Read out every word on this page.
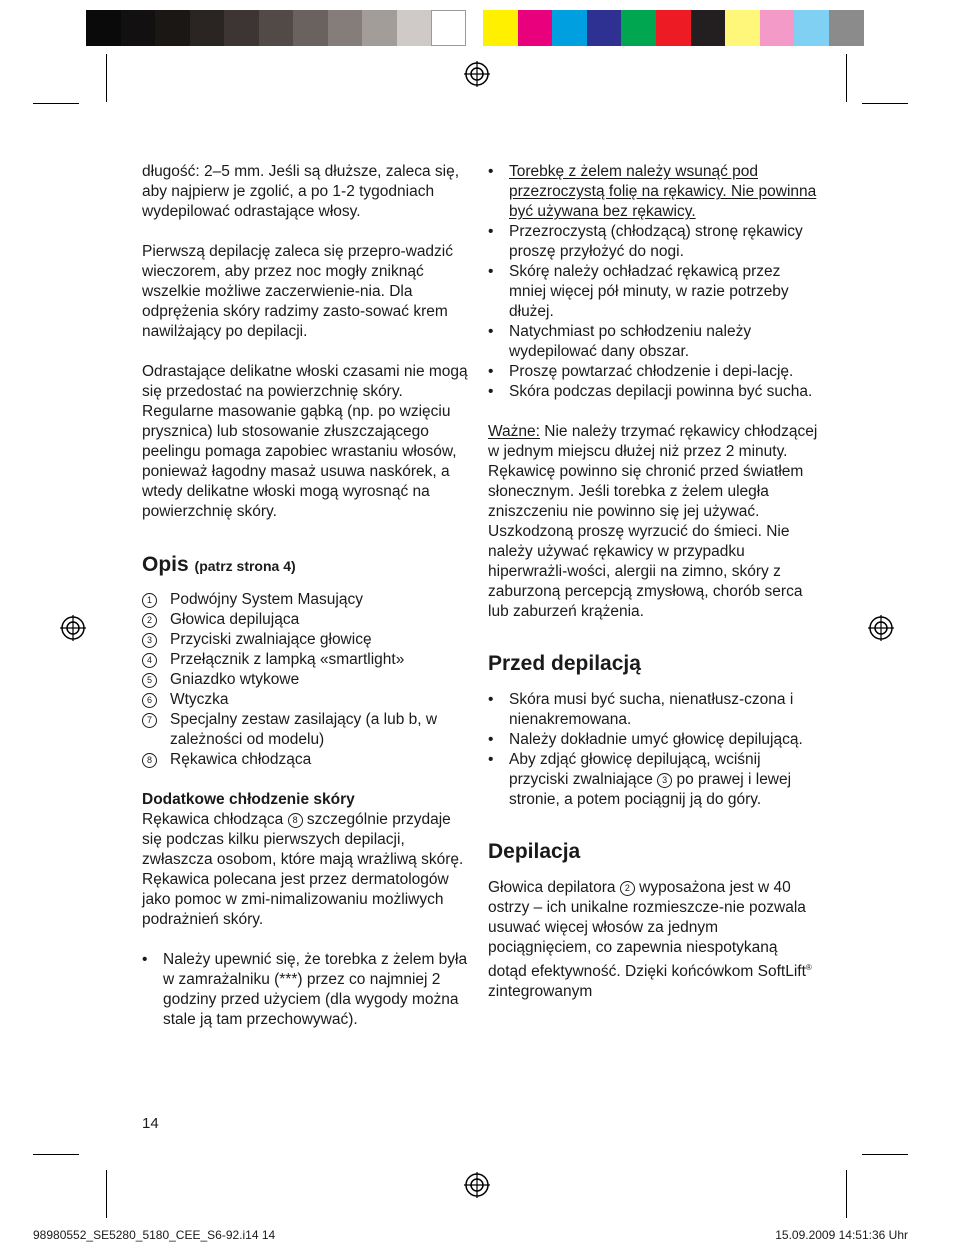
długość: 2–5 mm. Jeśli są dłuższe, zaleca się, aby najpierw je zgolić, a po 1-2 tygodniach wydepilować odrastające włosy.

Pierwszą depilację zaleca się przepro-wadzić wieczorem, aby przez noc mogły zniknąć wszelkie możliwe zaczerwienie-nia. Dla odprężenia skóry radzimy zasto-sować krem nawilżający po depilacji.

Odrastające delikatne włoski czasami nie mogą się przedostać na powierzchnię skóry. Regularne masowanie gąbką (np. po wzięciu prysznica) lub stosowanie złuszczającego peelingu pomaga zapobiec wrastaniu włosów, ponieważ łagodny masaż usuwa naskórek, a wtedy delikatne włoski mogą wyrosnąć na powierzchnię skóry.

Opis (patrz strona 4)
1	Podwójny System Masujący
2	Głowica depilująca
3	Przyciski zwalniające głowicę
4	Przełącznik z lampką «smartlight»
5	Gniazdko wtykowe
6	Wtyczka
7	Specjalny zestaw zasilający (a lub b, w zależności od modelu)
8	Rękawica chłodząca

Dodatkowe chłodzenie skóry

Rękawica chłodząca 8 szczególnie przydaje się podczas kilku pierwszych depilacji, zwłaszcza osobom, które mają wrażliwą skórę. Rękawica polecana jest przez dermatologów jako pomoc w zmi-nimalizowaniu możliwych podrażnień skóry.

• Należy upewnić się, że torebka z żelem była w zamrażalniku (***) przez co najmniej 2 godziny przed użyciem (dla wygody można stale ją tam przechowywać).
• Torebkę z żelem należy wsunąć pod przezroczystą folię na rękawicy. Nie powinna być używana bez rękawicy.
• Przezroczystą (chłodzącą) stronę rękawicy proszę przyłożyć do nogi.
• Skórę należy ochładzać rękawicą przez mniej więcej pół minuty, w razie potrzeby dłużej.
• Natychmiast po schłodzeniu należy wydepilować dany obszar.
• Proszę powtarzać chłodzenie i depi-lację.
• Skóra podczas depilacji powinna być sucha.

Ważne: Nie należy trzymać rękawicy chłodzącej w jednym miejscu dłużej niż przez 2 minuty. Rękawicę powinno się chronić przed światłem słonecznym. Jeśli torebka z żelem uległa zniszczeniu nie powinno się jej używać. Uszkodzoną proszę wyrzucić do śmieci. Nie należy używać rękawicy w przypadku hiperwrażli-wości, alergii na zimno, skóry z zaburzoną percepcją zmysłową, chorób serca lub zaburzeń krążenia.

Przed depilacją
• Skóra musi być sucha, nienatłusz-czona i nienakremowana.
• Należy dokładnie umyć głowicę depilującą.
• Aby zdjąć głowicę depilującą, wciśnij przyciski zwalniające 3 po prawej i lewej stronie, a potem pociągnij ją do góry.
Depilacja

Głowica depilatora 2 wyposażona jest w 40 ostrzy – ich unikalne rozmieszcze-nie pozwala usuwać więcej włosów za jednym pociągnięciem, co zapewnia niespotykaną dotąd efektywność. Dzięki końcówkom SoftLift® zintegrowanym

14
98980552_SE5280_5180_CEE_S6-92.i14 14	15.09.2009 14:51:36 Uhr
